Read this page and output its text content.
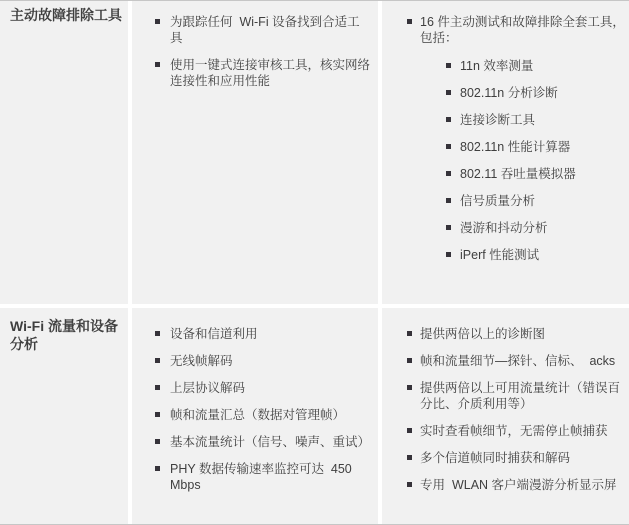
主动故障排除工具	为跟踪任何  Wi-Fi 设备找到合适工具
使用一键式连接审核工具，核实网络连接性和应用性能
16 件主动测试和故障排除全套工具，包括：
11n 效率测量
802.11n 分析诊断
连接诊断工具
802.11n 性能计算器
802.11 吞吐量模拟器
信号质量分析
漫游和抖动分析
iPerf 性能测试
Wi-Fi 流量和设备分析
设备和信道利用
无线帧解码
上层协议解码
帧和流量汇总（数据对管理帧）
基本流量统计（信号、噪声、重试）
PHY 数据传输速率监控可达  450 Mbps
提供两倍以上的诊断图
帧和流量细节—探针、信标、  acks
提供两倍以上可用流量统计（错误百分比、介质利用等）
实时查看帧细节，无需停止帧捕获
多个信道帧同时捕获和解码
专用  WLAN 客户端漫游分析显示屏
